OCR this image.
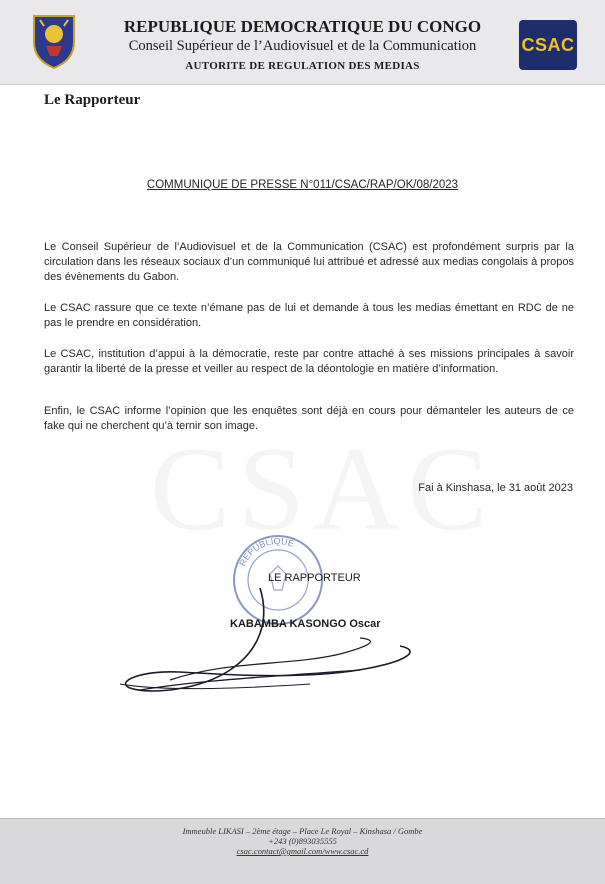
REPUBLIQUE DEMOCRATIQUE DU CONGO
Conseil Supérieur de l’Audiovisuel et de la Communication
AUTORITE DE REGULATION DES MEDIAS
CSAC
Le Rapporteur
COMMUNIQUE DE PRESSE N°011/CSAC/RAP/OK/08/2023
Le Conseil Supérieur de l’Audiovisuel et de la Communication (CSAC) est profondément surpris par la circulation dans les réseaux sociaux d’un communiqué lui attribué et adressé aux medias congolais à propos des évènements du Gabon.
Le CSAC rassure que ce texte n’émane pas de lui et demande à tous les medias émettant en RDC de ne pas le prendre en considération.
Le CSAC, institution d’appui à la démocratie, reste par contre attaché à ses missions principales à savoir garantir la liberté de la presse et veiller au respect de la déontologie en matière d’information.
Enfin, le CSAC informe l’opinion que les enquêtes sont déjà en cours pour démanteler les auteurs de ce fake qui ne cherchent qu’à ternir son image.
Fai à Kinshasa, le 31 août 2023
REPUBLIQUE
LE RAPPORTEUR
KABAMBA KASONGO Oscar
Immeuble LIKASI – 2ème étage – Place Le Royal – Kinshasa / Gombe
+243 (0)893035555
csac.contact@gmail.com/www.csac.cd
